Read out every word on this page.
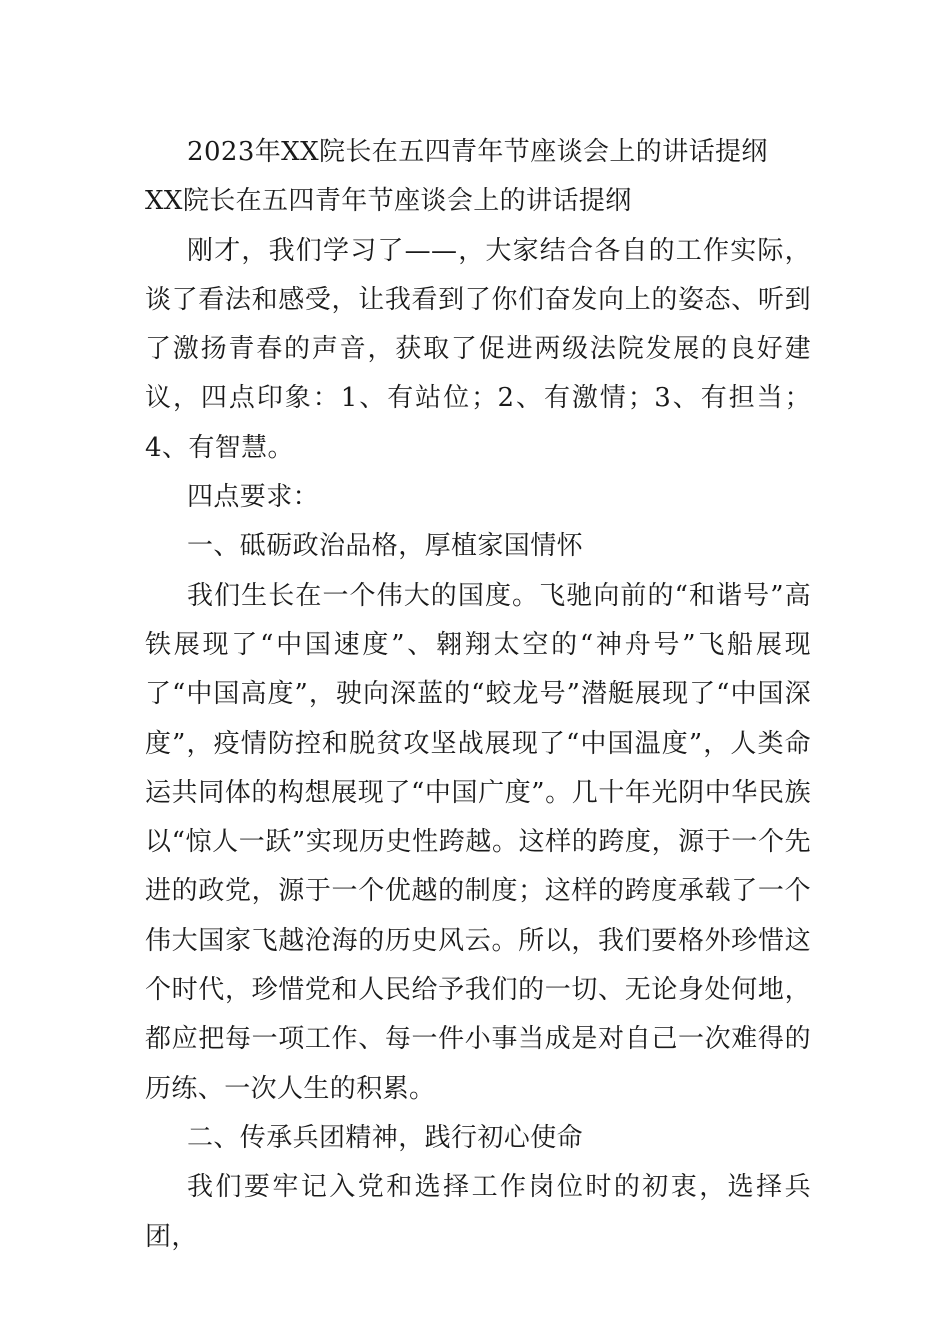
2023年XX院长在五四青年节座谈会上的讲话提纲

XX院长在五四青年节座谈会上的讲话提纲

刚才，我们学习了——，大家结合各自的工作实际，谈了看法和感受，让我看到了你们奋发向上的姿态、听到了激扬青春的声音，获取了促进两级法院发展的良好建议，四点印象：1、有站位；2、有激情；3、有担当；4、有智慧。

四点要求：

一、砥砺政治品格，厚植家国情怀

我们生长在一个伟大的国度。飞驰向前的“和谐号”高铁展现了“中国速度”、翱翔太空的“神舟号”飞船展现了“中国高度”，驶向深蓝的“蛟龙号”潜艇展现了“中国深度”，疫情防控和脱贫攻坚战展现了“中国温度”，人类命运共同体的构想展现了“中国广度”。几十年光阴中华民族以“惊人一跃”实现历史性跨越。这样的跨度，源于一个先进的政党，源于一个优越的制度；这样的跨度承载了一个伟大国家飞越沧海的历史风云。所以，我们要格外珍惜这个时代，珍惜党和人民给予我们的一切、无论身处何地，都应把每一项工作、每一件小事当成是对自己一次难得的历练、一次人生的积累。

二、传承兵团精神，践行初心使命

我们要牢记入党和选择工作岗位时的初衷，选择兵团，
